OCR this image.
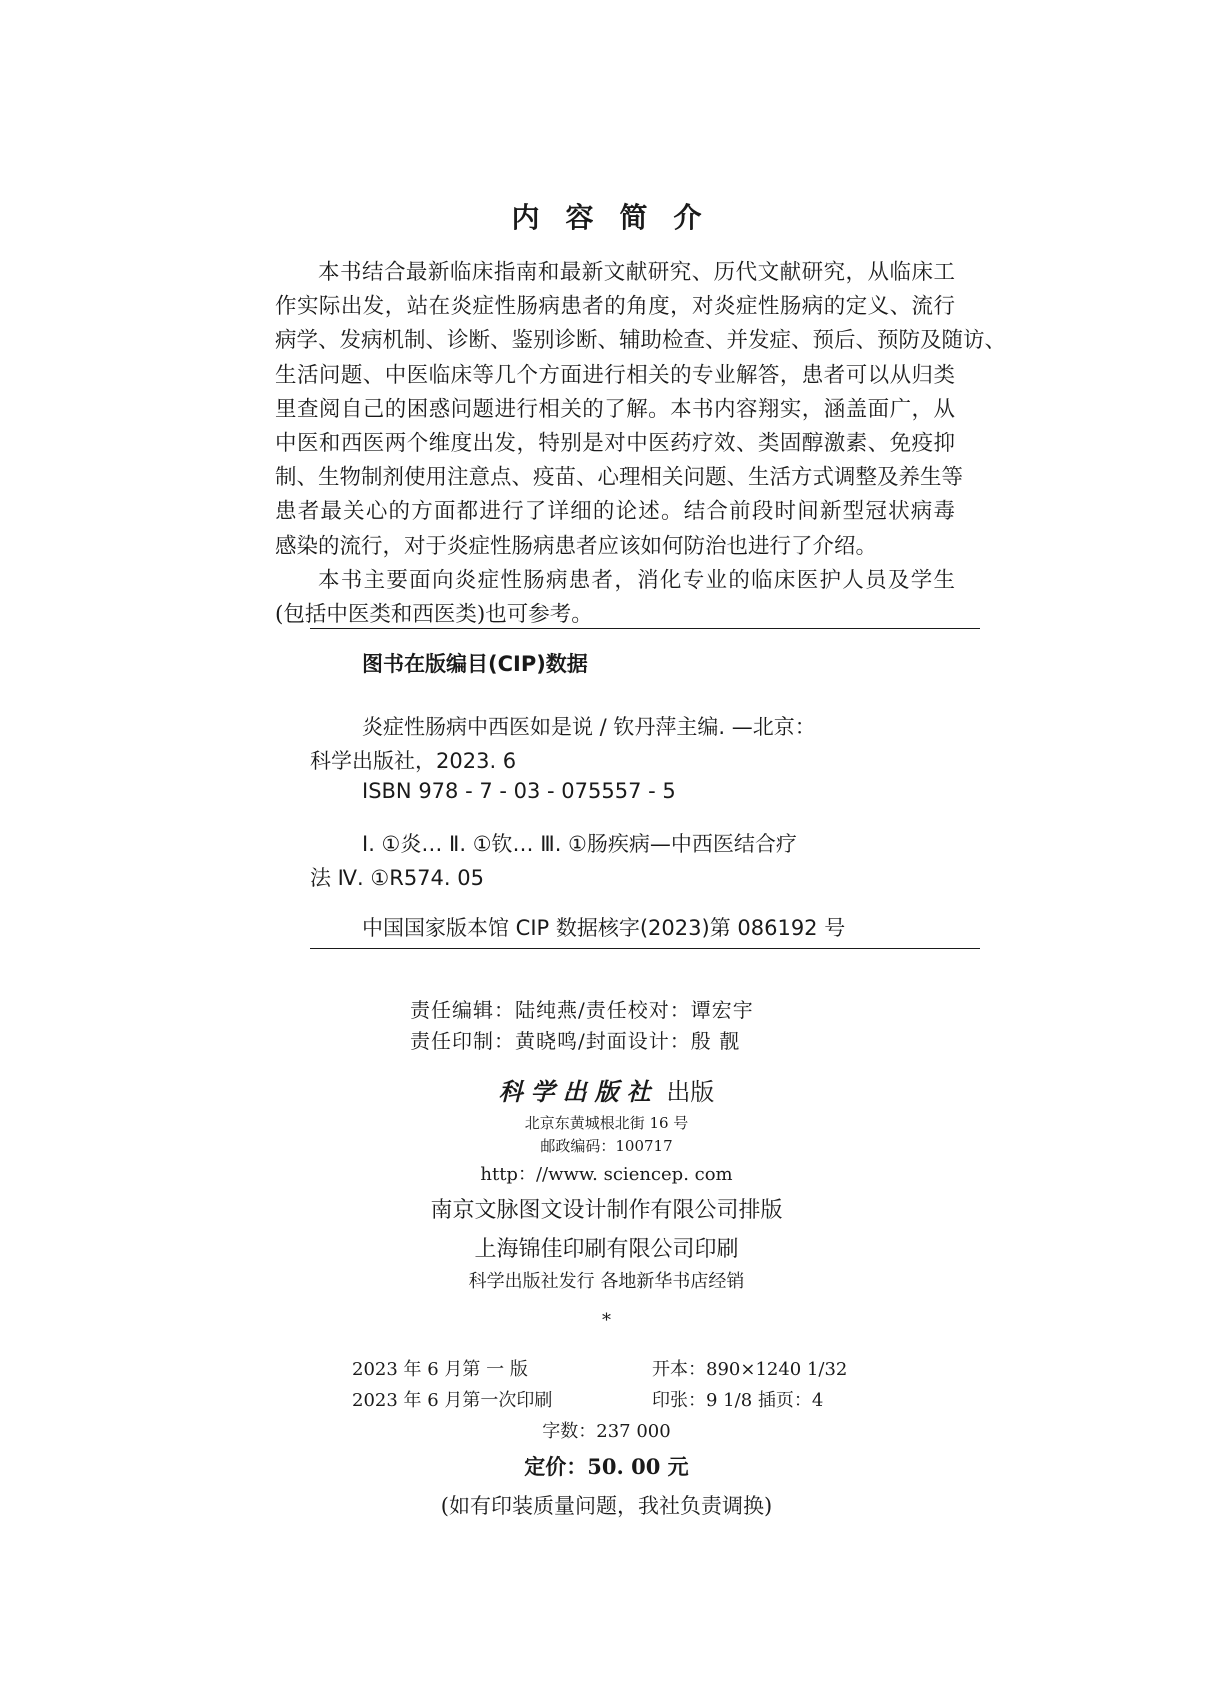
内容简介
本书结合最新临床指南和最新文献研究、历代文献研究，从临床工
作实际出发，站在炎症性肠病患者的角度，对炎症性肠病的定义、流行
病学、发病机制、诊断、鉴别诊断、辅助检查、并发症、预后、预防及随访、
生活问题、中医临床等几个方面进行相关的专业解答，患者可以从归类
里查阅自己的困惑问题进行相关的了解。本书内容翔实，涵盖面广，从
中医和西医两个维度出发，特别是对中医药疗效、类固醇激素、免疫抑
制、生物制剂使用注意点、疫苗、心理相关问题、生活方式调整及养生等
患者最关心的方面都进行了详细的论述。结合前段时间新型冠状病毒
感染的流行，对于炎症性肠病患者应该如何防治也进行了介绍。
本书主要面向炎症性肠病患者，消化专业的临床医护人员及学生
(包括中医类和西医类)也可参考。
图书在版编目(CIP)数据
炎症性肠病中西医如是说 / 钦丹萍主编. —北京：
科学出版社，2023. 6
ISBN 978 - 7 - 03 - 075557 - 5
Ⅰ. ①炎… Ⅱ. ①钦… Ⅲ. ①肠疾病—中西医结合疗
法 Ⅳ. ①R574. 05
中国国家版本馆 CIP 数据核字(2023)第 086192 号
责任编辑：陆纯燕/责任校对：谭宏宇
责任印制：黄晓鸣/封面设计：殷 靓
科学出版社 出版
北京东黄城根北街 16 号
邮政编码：100717
http：//www. sciencep. com
南京文脉图文设计制作有限公司排版
上海锦佳印刷有限公司印刷
科学出版社发行 各地新华书店经销
*
2023 年 6 月第 一 版	开本：890×1240 1/32
2023 年 6 月第一次印刷	印张：9 1/8 插页：4
字数：237 000
定价：50. 00 元
(如有印装质量问题，我社负责调换)
